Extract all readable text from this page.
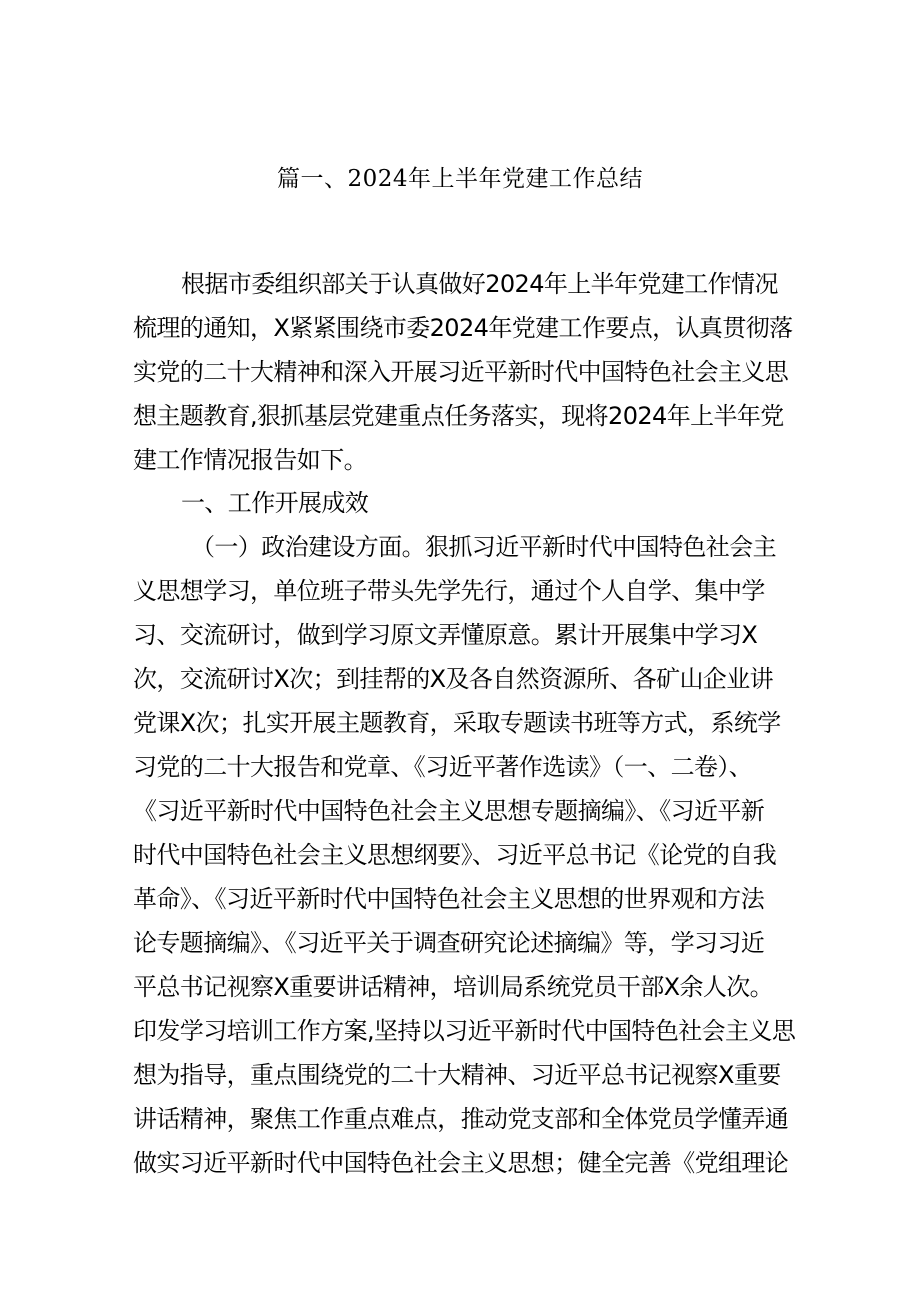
篇一、2024年上半年党建工作总结
根据市委组织部关于认真做好2024年上半年党建工作情况
梳理的通知，X紧紧围绕市委2024年党建工作要点，认真贯彻落
实党的二十大精神和深入开展习近平新时代中国特色社会主义思
想主题教育,狠抓基层党建重点任务落实，现将2024年上半年党
建工作情况报告如下。
一、工作开展成效
（一）政治建设方面。狠抓习近平新时代中国特色社会主
义思想学习，单位班子带头先学先行，通过个人自学、集中学
习、交流研讨，做到学习原文弄懂原意。累计开展集中学习X
次，交流研讨X次；到挂帮的X及各自然资源所、各矿山企业讲
党课X次；扎实开展主题教育，采取专题读书班等方式，系统学
习党的二十大报告和党章、《习近平著作选读》（一、二卷）、
《习近平新时代中国特色社会主义思想专题摘编》、《习近平新
时代中国特色社会主义思想纲要》、习近平总书记《论党的自我
革命》、《习近平新时代中国特色社会主义思想的世界观和方法
论专题摘编》、《习近平关于调查研究论述摘编》等，学习习近
平总书记视察X重要讲话精神，培训局系统党员干部X余人次。
印发学习培训工作方案,坚持以习近平新时代中国特色社会主义思
想为指导，重点围绕党的二十大精神、习近平总书记视察X重要
讲话精神，聚焦工作重点难点，推动党支部和全体党员学懂弄通
做实习近平新时代中国特色社会主义思想；健全完善《党组理论
